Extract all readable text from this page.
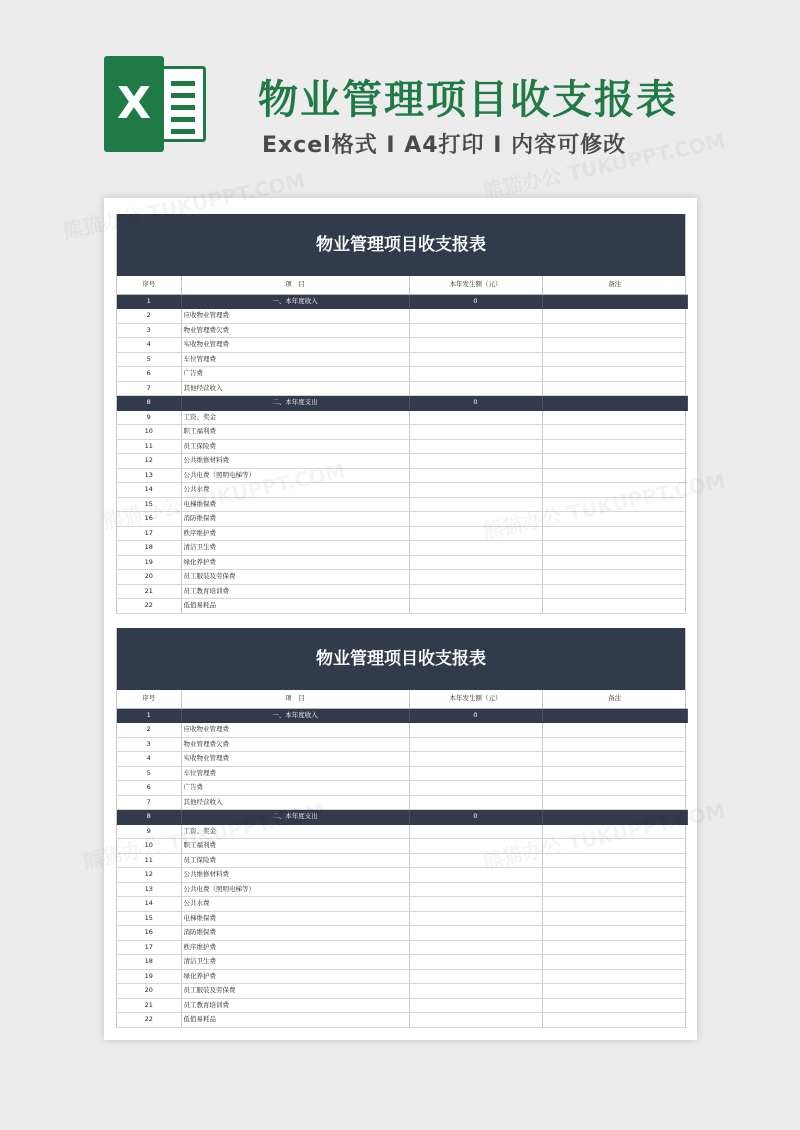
X	物业管理项目收支报表
Excel格式 I A4打印 I 内容可修改
物业管理项目收支报表
序号	项　目	本年发生额（元）	备注
1	一、本年度收入	0	
2	应收物业管理费		
3	物业管理费欠费		
4	实收物业管理费		
5	车位管理费		
6	广告费		
7	其他经营收入		
8	二、本年度支出	0	
9	工资、奖金		
10	职工福利费		
11	员工保险费		
12	公共维修材料费		
13	公共电费（照明电梯等）		
14	公共水费		
15	电梯维保费		
16	消防维保费		
17	秩序维护费		
18	清洁卫生费		
19	绿化养护费		
20	员工服装及劳保费		
21	员工教育培训费		
22	低值易耗品		
物业管理项目收支报表
序号	项　目	本年发生额（元）	备注
1	一、本年度收入	0	
2	应收物业管理费		
3	物业管理费欠费		
4	实收物业管理费		
5	车位管理费		
6	广告费		
7	其他经营收入		
8	二、本年度支出	0	
9	工资、奖金		
10	职工福利费		
11	员工保险费		
12	公共维修材料费		
13	公共电费（照明电梯等）		
14	公共水费		
15	电梯维保费		
16	消防维保费		
17	秩序维护费		
18	清洁卫生费		
19	绿化养护费		
20	员工服装及劳保费		
21	员工教育培训费		
22	低值易耗品		
